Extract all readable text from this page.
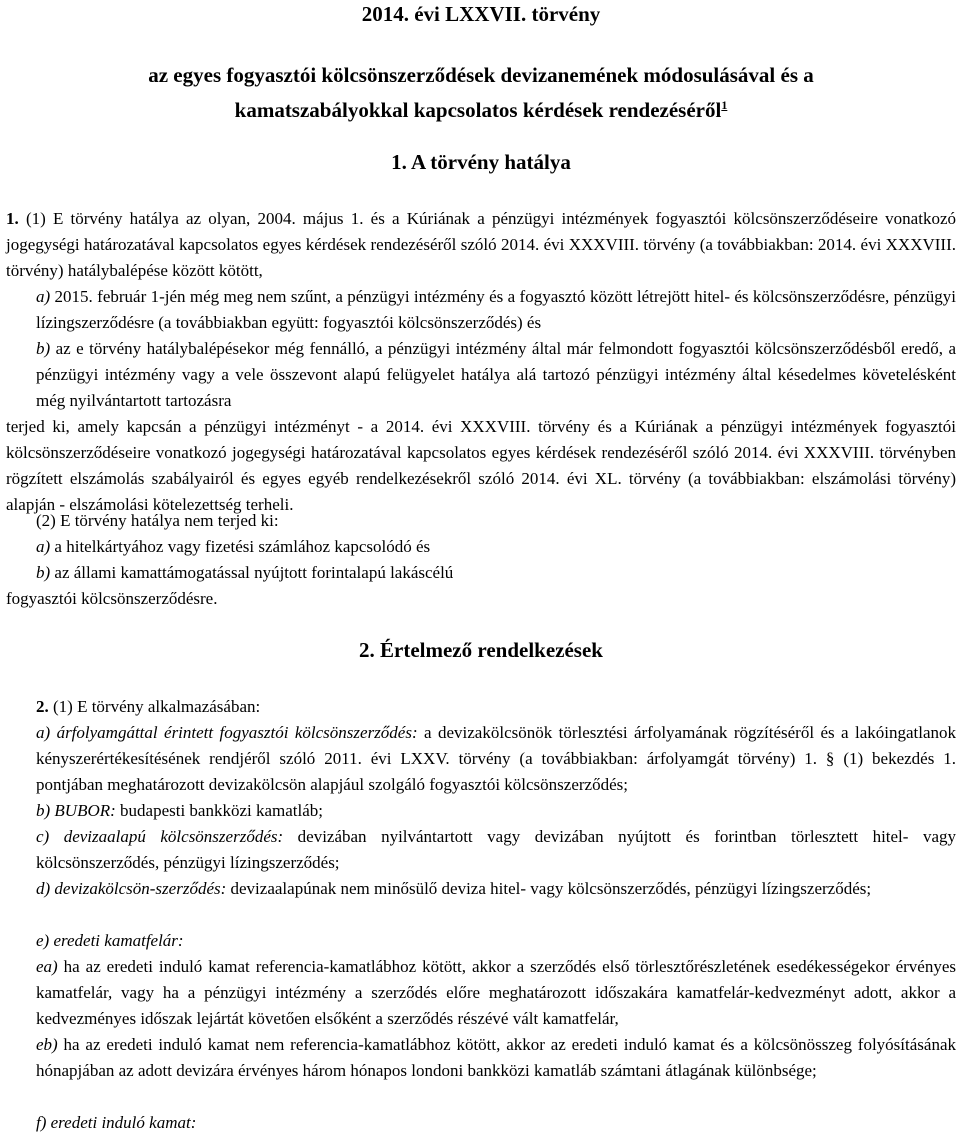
2014. évi LXXVII. törvény
az egyes fogyasztói kölcsönszerződések devizanemének módosulásával és a
kamatszabályokkal kapcsolatos kérdések rendezéséről$^1$
1. A törvény hatálya
1. (1) E törvény hatálya az olyan, 2004. május 1. és a Kúriának a pénzügyi intézmények fogyasztói kölcsönszerződéseire vonatkozó jogegységi határozatával kapcsolatos egyes kérdések rendezéséről szóló 2014. évi XXXVIII. törvény (a továbbiakban: 2014. évi XXXVIII. törvény) hatálybalépése között kötött,
a) 2015. február 1-jén még meg nem szűnt, a pénzügyi intézmény és a fogyasztó között létrejött hitel- és kölcsönszerződésre, pénzügyi lízingszerződésre (a továbbiakban együtt: fogyasztói kölcsönszerződés) és
b) az e törvény hatálybalépésekor még fennálló, a pénzügyi intézmény által már felmondott fogyasztói kölcsönszerződésből eredő, a pénzügyi intézmény vagy a vele összevont alapú felügyelet hatálya alá tartozó pénzügyi intézmény által késedelmes követelésként még nyilvántartott tartozásra
terjed ki, amely kapcsán a pénzügyi intézményt - a 2014. évi XXXVIII. törvény és a Kúriának a pénzügyi intézmények fogyasztói kölcsönszerződéseire vonatkozó jogegységi határozatával kapcsolatos egyes kérdések rendezéséről szóló 2014. évi XXXVIII. törvényben rögzített elszámolás szabályairól és egyes egyéb rendelkezésekről szóló 2014. évi XL. törvény (a továbbiakban: elszámolási törvény) alapján - elszámolási kötelezettség terheli.
(2) E törvény hatálya nem terjed ki:
a) a hitelkártyához vagy fizetési számlához kapcsolódó és
b) az állami kamattámogatással nyújtott forintalapú lakáscélú
fogyasztói kölcsönszerződésre.
2. Értelmező rendelkezések
2. (1) E törvény alkalmazásában:
a) árfolyamgáttal érintett fogyasztói kölcsönszerződés: a devizakölcsönök törlesztési árfolyamának rögzítéséről és a lakóingatlanok kényszerértékesítésének rendjéről szóló 2011. évi LXXV. törvény (a továbbiakban: árfolyamgát törvény) 1. § (1) bekezdés 1. pontjában meghatározott devizakölcsön alapjául szolgáló fogyasztói kölcsönszerződés;
b) BUBOR: budapesti bankközi kamatláb;
c) devizaalapú kölcsönszerződés: devizában nyilvántartott vagy devizában nyújtott és forintban törlesztett hitel- vagy kölcsönszerződés, pénzügyi lízingszerződés;
d) devizakölcsön-szerződés: devizaalapúnak nem minősülő deviza hitel- vagy kölcsönszerződés, pénzügyi lízingszerződés;
e) eredeti kamatfelár:
ea) ha az eredeti induló kamat referencia-kamatlábhoz kötött, akkor a szerződés első törlesztőrészletének esedékességekor érvényes kamatfelár, vagy ha a pénzügyi intézmény a szerződés előre meghatározott időszakára kamatfelár-kedvezményt adott, akkor a kedvezményes időszak lejártát követően elsőként a szerződés részévé vált kamatfelár,
eb) ha az eredeti induló kamat nem referencia-kamatlábhoz kötött, akkor az eredeti induló kamat és a kölcsönösszeg folyósításának hónapjában az adott devizára érvényes három hónapos londoni bankközi kamatláb számtani átlagának különbsége;
f) eredeti induló kamat:
